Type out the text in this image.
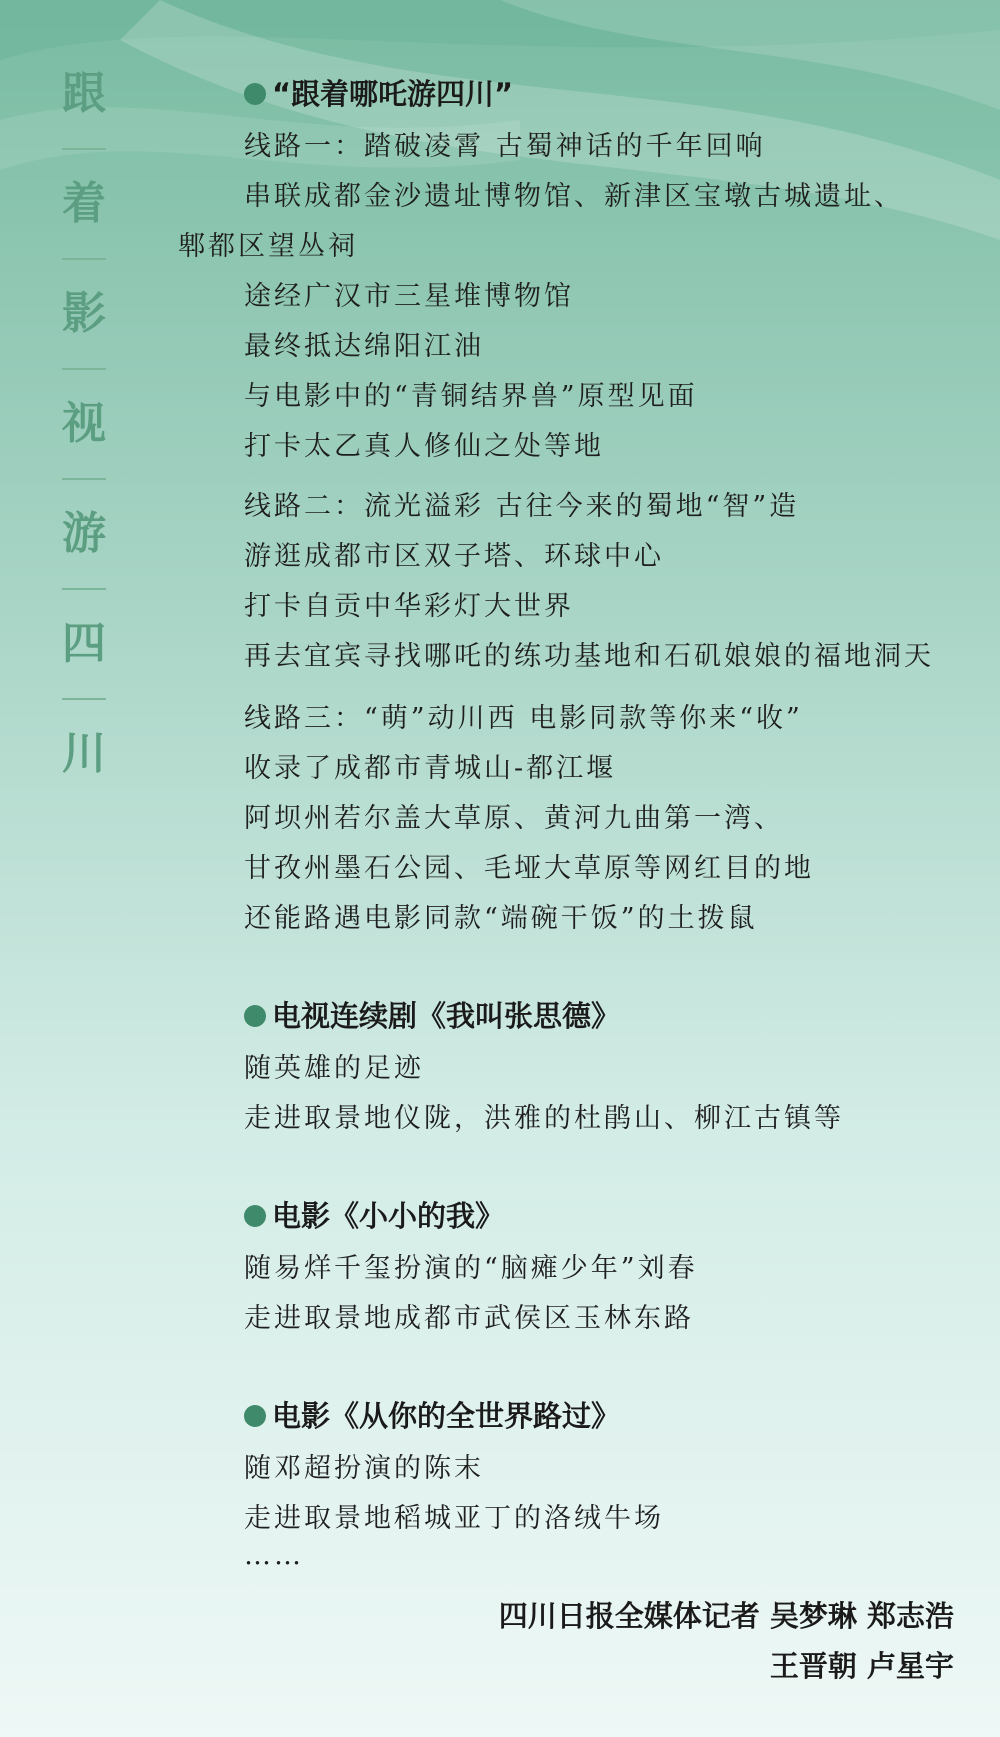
跟
着
影
视
游
四
川
“跟着哪吒游四川”
线路一：踏破凌霄 古蜀神话的千年回响
串联成都金沙遗址博物馆、新津区宝墩古城遗址、
郫都区望丛祠
途经广汉市三星堆博物馆
最终抵达绵阳江油
与电影中的“青铜结界兽”原型见面
打卡太乙真人修仙之处等地
线路二：流光溢彩 古往今来的蜀地“智”造
游逛成都市区双子塔、环球中心
打卡自贡中华彩灯大世界
再去宜宾寻找哪吒的练功基地和石矶娘娘的福地洞天
线路三：“萌”动川西 电影同款等你来“收”
收录了成都市青城山-都江堰
阿坝州若尔盖大草原、黄河九曲第一湾、
甘孜州墨石公园、毛垭大草原等网红目的地
还能路遇电影同款“端碗干饭”的土拨鼠
电视连续剧《我叫张思德》
随英雄的足迹
走进取景地仪陇，洪雅的杜鹃山、柳江古镇等
电影《小小的我》
随易烊千玺扮演的“脑瘫少年”刘春
走进取景地成都市武侯区玉林东路
电影《从你的全世界路过》
随邓超扮演的陈末
走进取景地稻城亚丁的洛绒牛场
……
四川日报全媒体记者 吴梦琳 郑志浩
王晋朝 卢星宇
